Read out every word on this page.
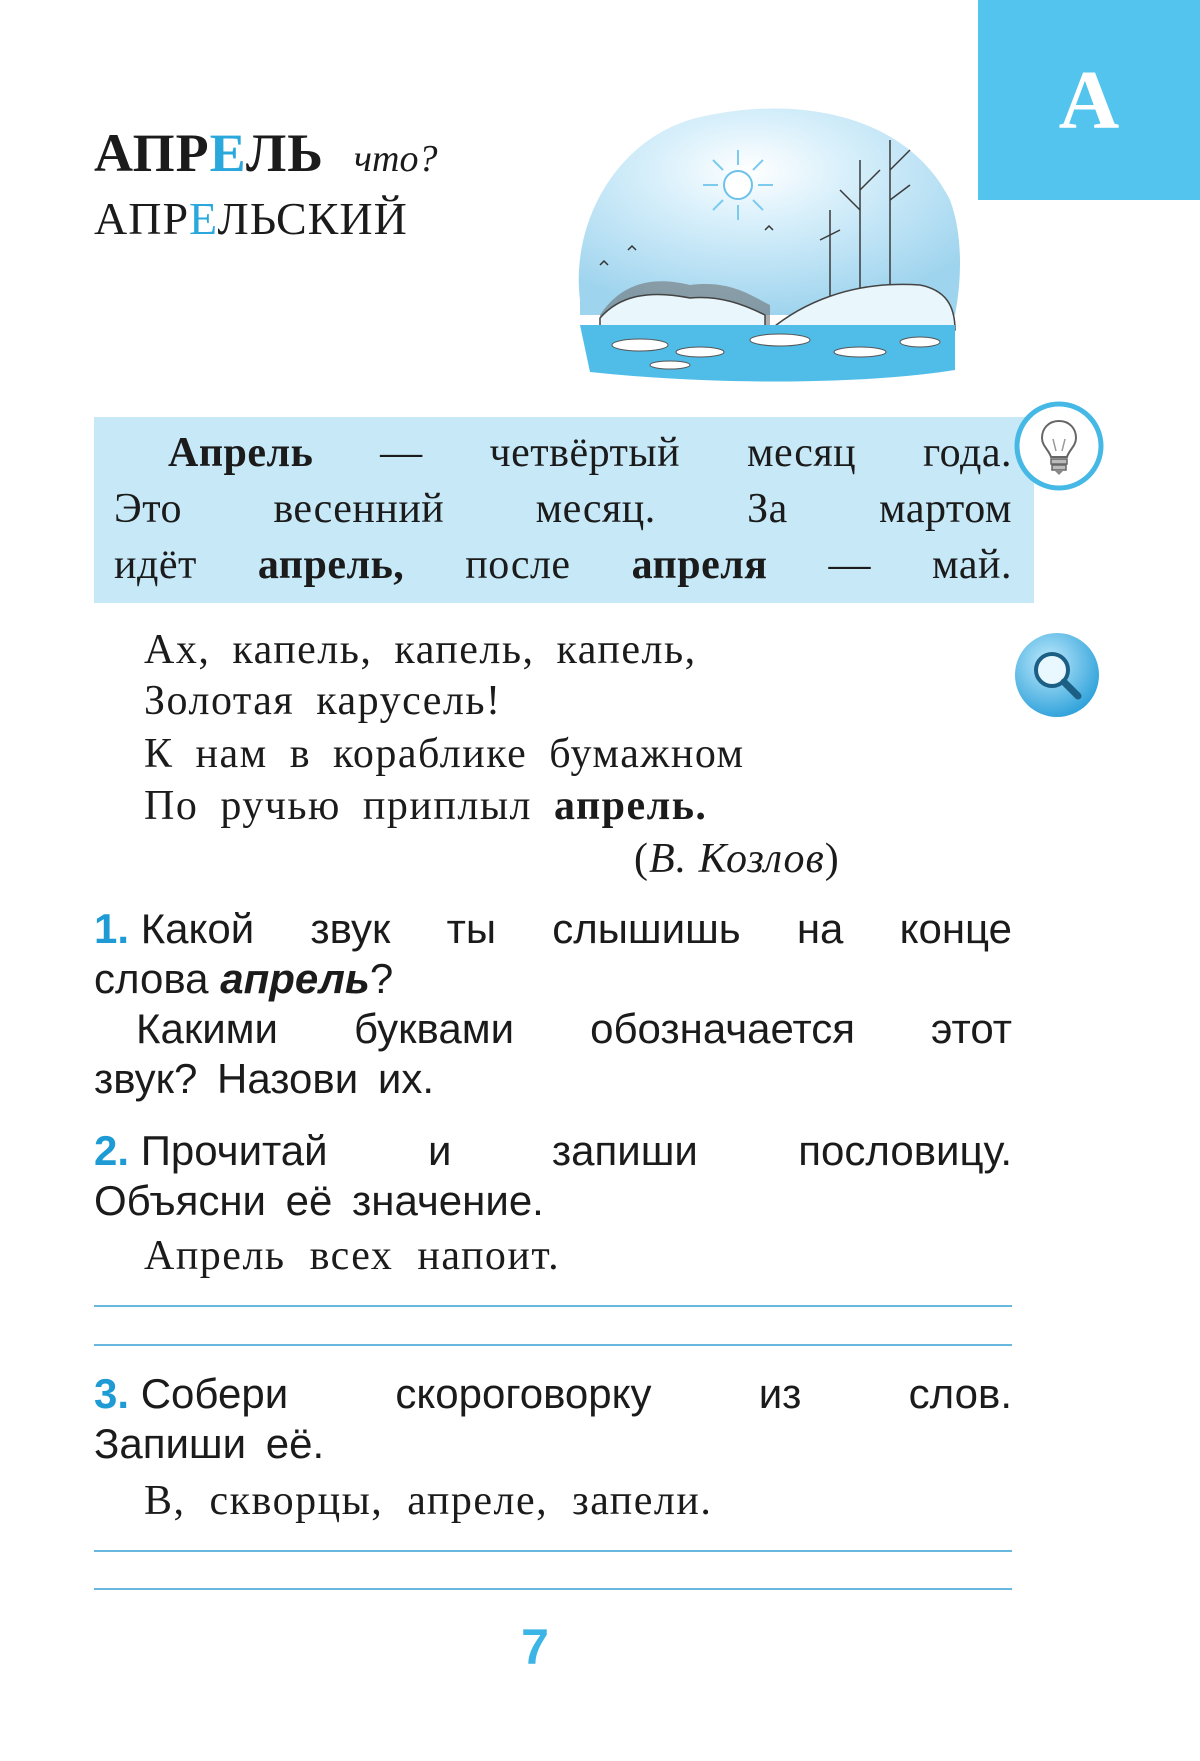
А
АПРЕЛЬ что?
АПРЕЛЬСКИЙ
Апрель — четвёртый месяц года.
Это весенний месяц. За мартом
идёт апрель, после апреля — май.
Ах, капель, капель, капель,
Золотая карусель!
К нам в кораблике бумажном
По ручью приплыл апрель.
(В. Козлов)
1. Какой звук ты слышишь на конце
слова апрель?
Какими буквами обозначается этот
звук? Назови их.
2. Прочитай и запиши пословицу.
Объясни её значение.
Апрель всех напоит.
3. Собери	скороговорку	из	слов.
Запиши её.
В, скворцы, апреле, запели.
7
